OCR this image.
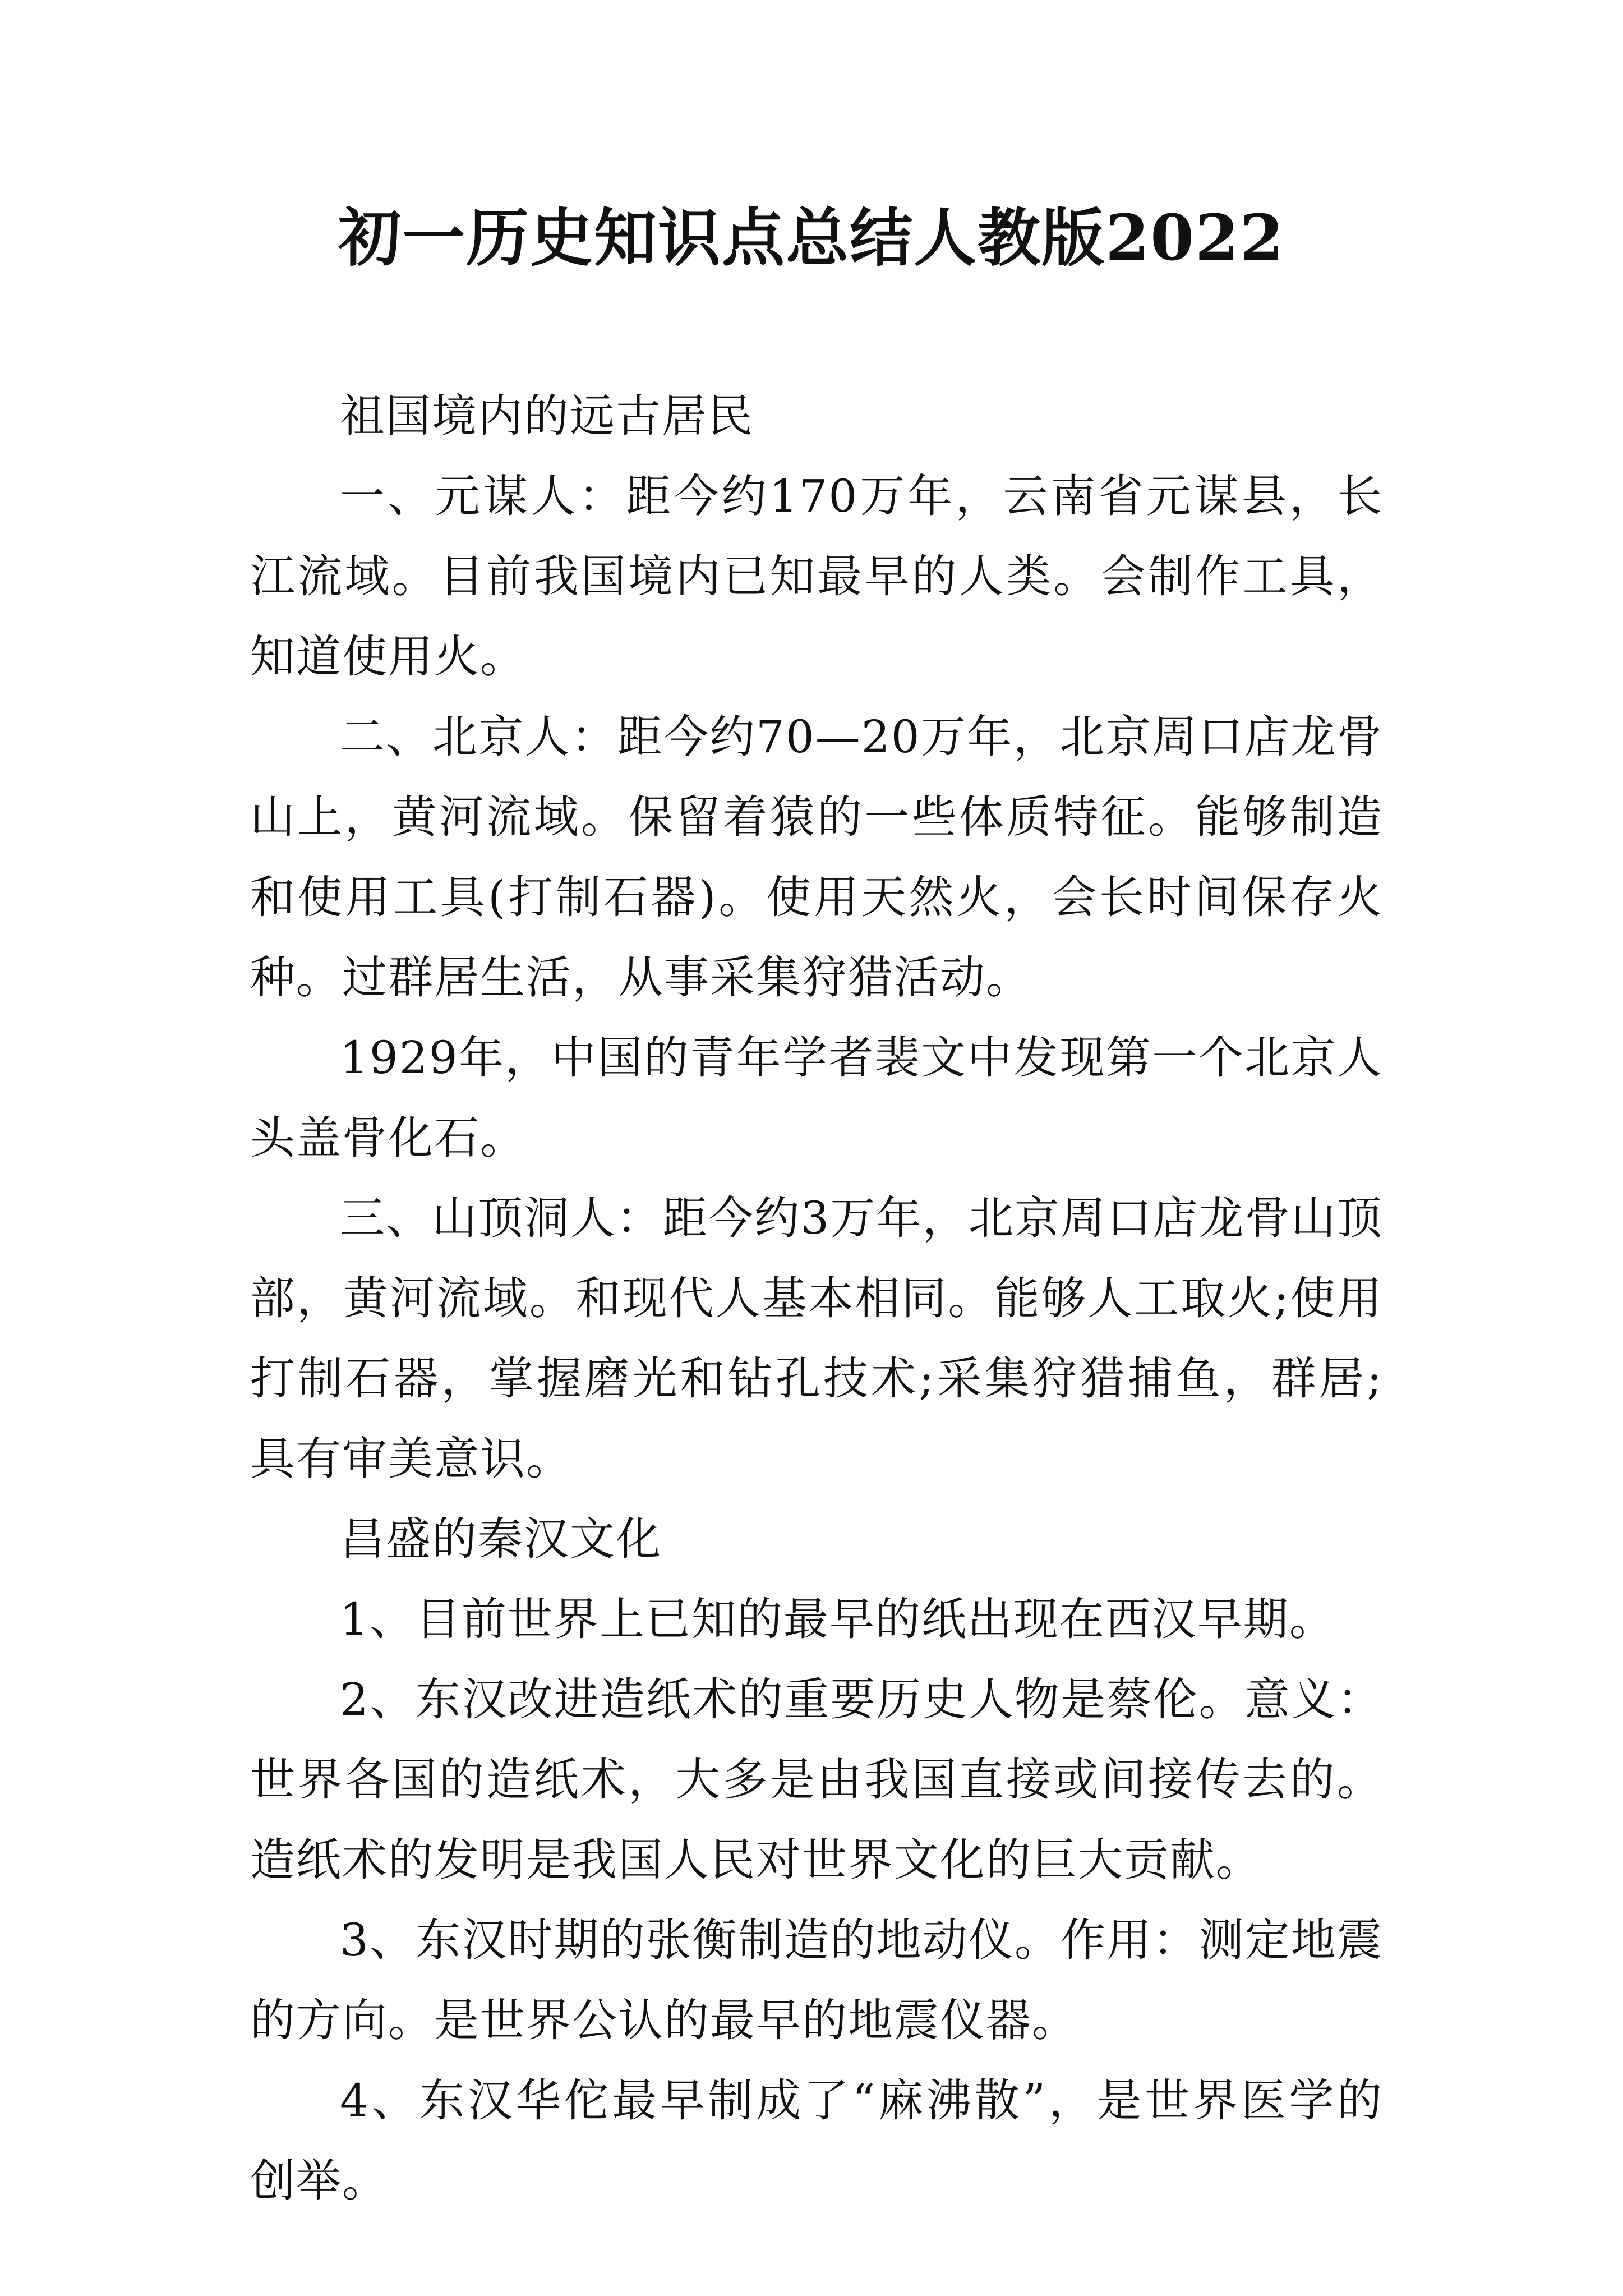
初一历史知识点总结人教版2022

祖国境内的远古居民

一、元谋人：距今约170万年，云南省元谋县，长江流域。目前我国境内已知最早的人类。会制作工具，知道使用火。

二、北京人：距今约70—20万年，北京周口店龙骨山上，黄河流域。保留着猿的一些体质特征。能够制造和使用工具(打制石器)。使用天然火，会长时间保存火种。过群居生活，从事采集狩猎活动。

1929年，中国的青年学者裴文中发现第一个北京人头盖骨化石。

三、山顶洞人：距今约3万年，北京周口店龙骨山顶部，黄河流域。和现代人基本相同。能够人工取火;使用打制石器，掌握磨光和钻孔技术;采集狩猎捕鱼，群居;具有审美意识。

昌盛的秦汉文化

1、目前世界上已知的最早的纸出现在西汉早期。

2、东汉改进造纸术的重要历史人物是蔡伦。意义：世界各国的造纸术，大多是由我国直接或间接传去的。造纸术的发明是我国人民对世界文化的巨大贡献。

3、东汉时期的张衡制造的地动仪。作用：测定地震的方向。是世界公认的最早的地震仪器。

4、东汉华佗最早制成了“麻沸散”，是世界医学的创举。
